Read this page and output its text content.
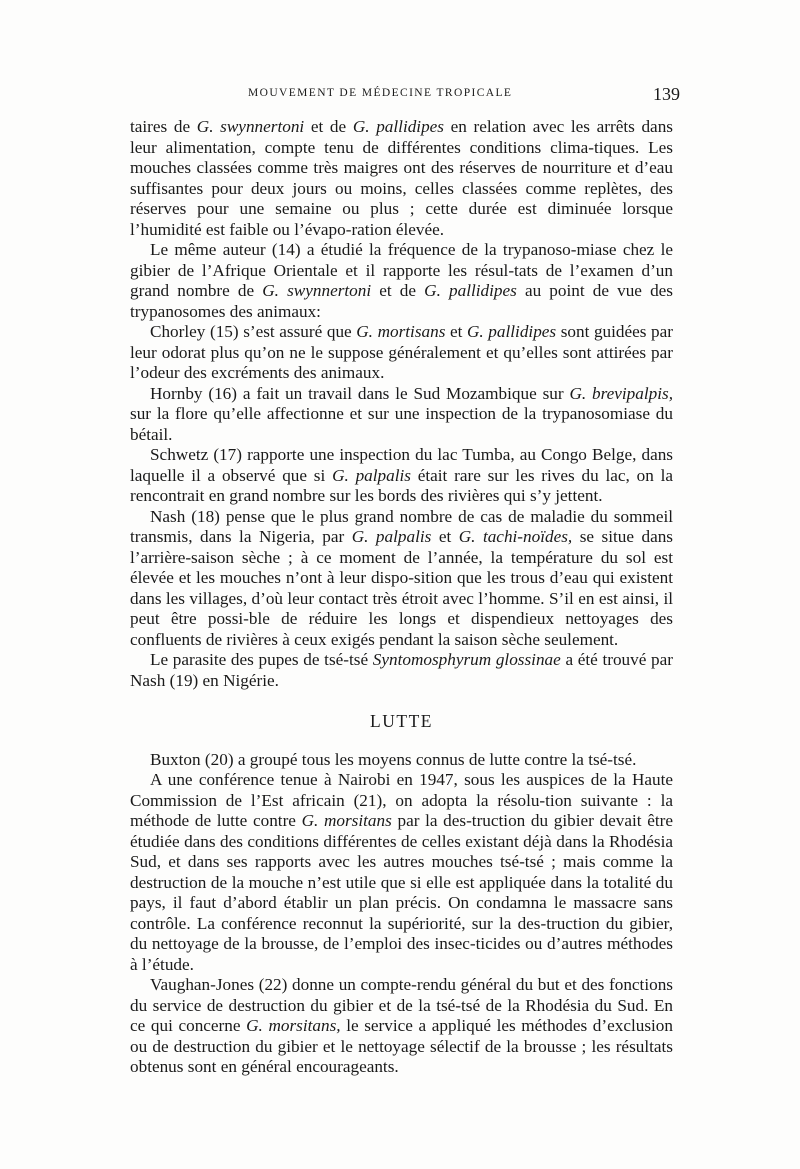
MOUVEMENT DE MÉDECINE TROPICALE	139

taires de G. swynnertoni et de G. pallidipes en relation avec les arrêts dans leur alimentation, compte tenu de différentes conditions clima-tiques. Les mouches classées comme très maigres ont des réserves de nourriture et d’eau suffisantes pour deux jours ou moins, celles classées comme replètes, des réserves pour une semaine ou plus ; cette durée est diminuée lorsque l’humidité est faible ou l’évapo-ration élevée.

Le même auteur (14) a étudié la fréquence de la trypanoso-miase chez le gibier de l’Afrique Orientale et il rapporte les résul-tats de l’examen d’un grand nombre de G. swynnertoni et de G. pallidipes au point de vue des trypanosomes des animaux:

Chorley (15) s’est assuré que G. mortisans et G. pallidipes sont guidées par leur odorat plus qu’on ne le suppose généralement et qu’elles sont attirées par l’odeur des excréments des animaux.

Hornby (16) a fait un travail dans le Sud Mozambique sur G. brevipalpis, sur la flore qu’elle affectionne et sur une inspection de la trypanosomiase du bétail.

Schwetz (17) rapporte une inspection du lac Tumba, au Congo Belge, dans laquelle il a observé que si G. palpalis était rare sur les rives du lac, on la rencontrait en grand nombre sur les bords des rivières qui s’y jettent.

Nash (18) pense que le plus grand nombre de cas de maladie du sommeil transmis, dans la Nigeria, par G. palpalis et G. tachi-noïdes, se situe dans l’arrière-saison sèche ; à ce moment de l’année, la température du sol est élevée et les mouches n’ont à leur dispo-sition que les trous d’eau qui existent dans les villages, d’où leur contact très étroit avec l’homme. S’il en est ainsi, il peut être possi-ble de réduire les longs et dispendieux nettoyages des confluents de rivières à ceux exigés pendant la saison sèche seulement.

Le parasite des pupes de tsé-tsé Syntomosphyrum glossinae a été trouvé par Nash (19) en Nigérie.

LUTTE

Buxton (20) a groupé tous les moyens connus de lutte contre la tsé-tsé.

A une conférence tenue à Nairobi en 1947, sous les auspices de la Haute Commission de l’Est africain (21), on adopta la résolu-tion suivante : la méthode de lutte contre G. morsitans par la des-truction du gibier devait être étudiée dans des conditions différentes de celles existant déjà dans la Rhodésia Sud, et dans ses rapports avec les autres mouches tsé-tsé ; mais comme la destruction de la mouche n’est utile que si elle est appliquée dans la totalité du pays, il faut d’abord établir un plan précis. On condamna le massacre sans contrôle. La conférence reconnut la supériorité, sur la des-truction du gibier, du nettoyage de la brousse, de l’emploi des insec-ticides ou d’autres méthodes à l’étude.

Vaughan-Jones (22) donne un compte-rendu général du but et des fonctions du service de destruction du gibier et de la tsé-tsé de la Rhodésia du Sud. En ce qui concerne G. morsitans, le service a appliqué les méthodes d’exclusion ou de destruction du gibier et le nettoyage sélectif de la brousse ; les résultats obtenus sont en général encourageants.
